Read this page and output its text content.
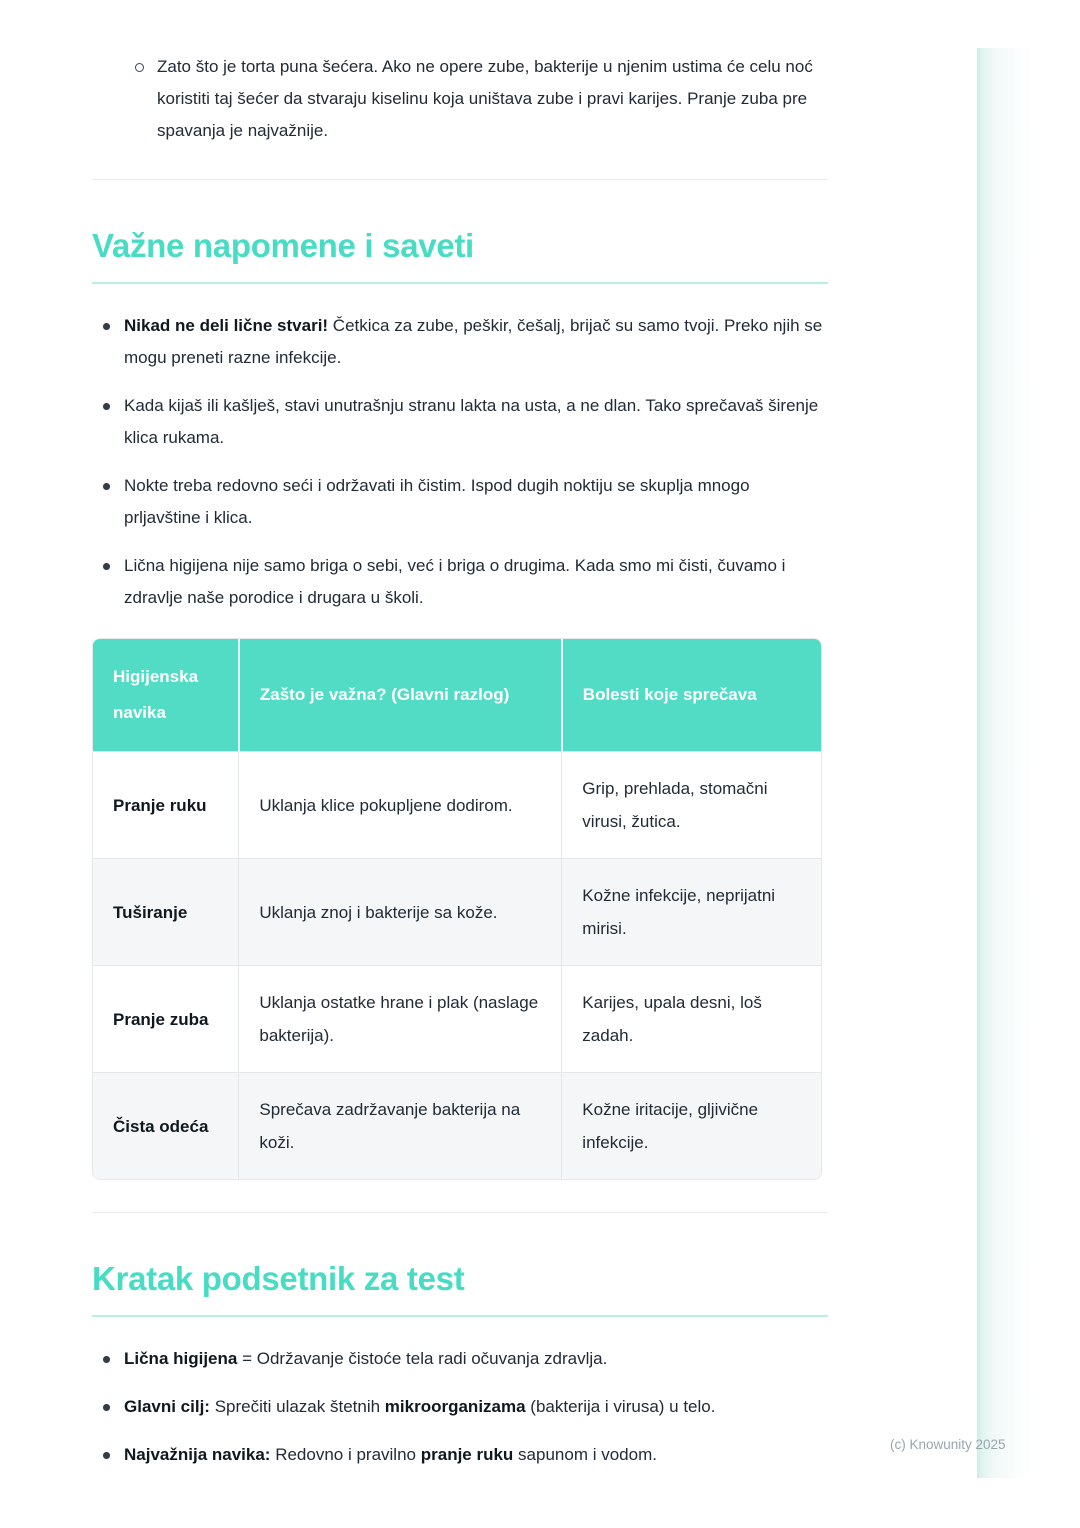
(c) Knowunity 2025
Zato što je torta puna šećera. Ako ne opere zube, bakterije u njenim ustima će celu noć koristiti taj šećer da stvaraju kiselinu koja uništava zube i pravi karijes. Pranje zuba pre spavanja je najvažnije.
Važne napomene i saveti
Nikad ne deli lične stvari! Četkica za zube, peškir, češalj, brijač su samo tvoji. Preko njih se mogu preneti razne infekcije.
Kada kijaš ili kašlješ, stavi unutrašnju stranu lakta na usta, a ne dlan. Tako sprečavaš širenje klica rukama.
Nokte treba redovno seći i održavati ih čistim. Ispod dugih noktiju se skuplja mnogo prljavštine i klica.
Lična higijena nije samo briga o sebi, već i briga o drugima. Kada smo mi čisti, čuvamo i zdravlje naše porodice i drugara u školi.
Higijenska navika	Zašto je važna? (Glavni razlog)	Bolesti koje sprečava
Pranje ruku	Uklanja klice pokupljene dodirom.	Grip, prehlada, stomačni virusi, žutica.
Tuširanje	Uklanja znoj i bakterije sa kože.	Kožne infekcije, neprijatni mirisi.
Pranje zuba	Uklanja ostatke hrane i plak (naslage bakterija).	Karijes, upala desni, loš zadah.
Čista odeća	Sprečava zadržavanje bakterija na koži.	Kožne iritacije, gljivične infekcije.
Kratak podsetnik za test
Lična higijena = Održavanje čistoće tela radi očuvanja zdravlja.
Glavni cilj: Sprečiti ulazak štetnih mikroorganizama (bakterija i virusa) u telo.
Najvažnija navika: Redovno i pravilno pranje ruku sapunom i vodom.
